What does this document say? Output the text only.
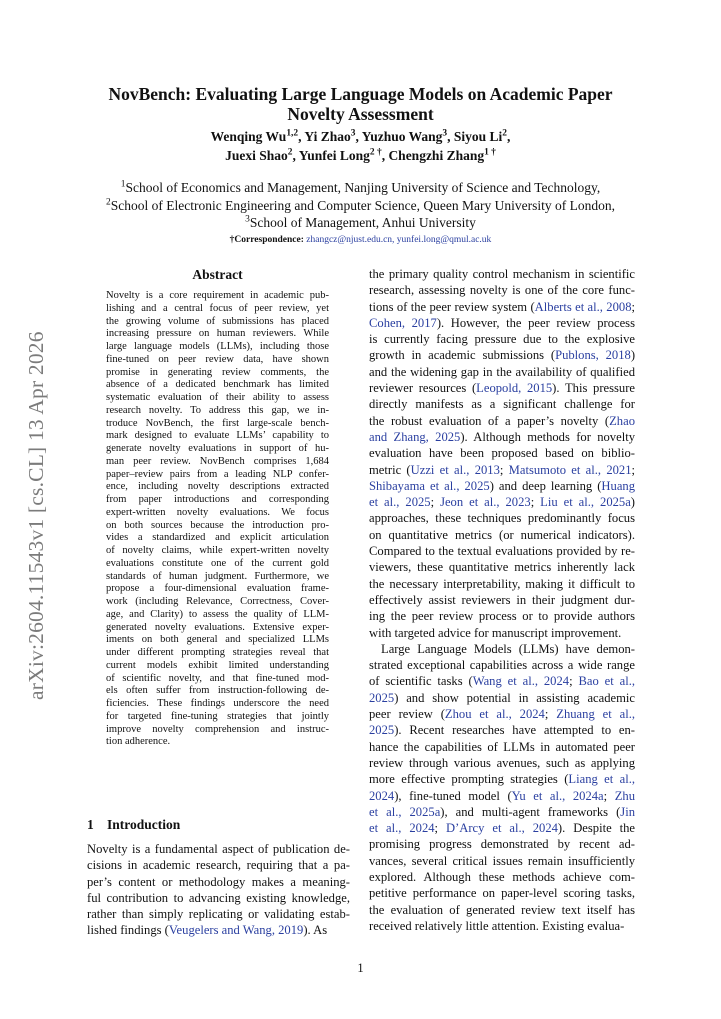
NovBench: Evaluating Large Language Models on Academic Paper
Novelty Assessment
Wenqing Wu$^{1,2}$, Yi Zhao$^3$, Yuzhuo Wang$^3$, Siyou Li$^2$,
Juexi Shao$^2$, Yunfei Long$^{2 \dagger}$, Chengzhi Zhang$^{1 \dagger}$
$^1$School of Economics and Management, Nanjing University of Science and Technology,
$^2$School of Electronic Engineering and Computer Science, Queen Mary University of London,
$^3$School of Management, Anhui University
†Correspondence: zhangcz@njust.edu.cn, yunfei.long@qmul.ac.uk
arXiv:2604.11543v1 [cs.CL] 13 Apr 2026
Abstract
Novelty is a core requirement in academic pub-
lishing and a central focus of peer review, yet
the growing volume of submissions has placed
increasing pressure on human reviewers. While
large language models (LLMs), including those
fine-tuned on peer review data, have shown
promise in generating review comments, the
absence of a dedicated benchmark has limited
systematic evaluation of their ability to assess
research novelty. To address this gap, we in-
troduce NovBench, the first large-scale bench-
mark designed to evaluate LLMs’ capability to
generate novelty evaluations in support of hu-
man peer review. NovBench comprises 1,684
paper–review pairs from a leading NLP confer-
ence, including novelty descriptions extracted
from paper introductions and corresponding
expert-written novelty evaluations. We focus
on both sources because the introduction pro-
vides a standardized and explicit articulation
of novelty claims, while expert-written novelty
evaluations constitute one of the current gold
standards of human judgment. Furthermore, we
propose a four-dimensional evaluation frame-
work (including Relevance, Correctness, Cover-
age, and Clarity) to assess the quality of LLM-
generated novelty evaluations. Extensive exper-
iments on both general and specialized LLMs
under different prompting strategies reveal that
current models exhibit limited understanding
of scientific novelty, and that fine-tuned mod-
els often suffer from instruction-following de-
ficiencies. These findings underscore the need
for targeted fine-tuning strategies that jointly
improve novelty comprehension and instruc-
tion adherence.
1 Introduction
Novelty is a fundamental aspect of publication de-
cisions in academic research, requiring that a pa-
per’s content or methodology makes a meaning-
ful contribution to advancing existing knowledge,
rather than simply replicating or validating estab-
lished findings (Veugelers and Wang, 2019). As
the primary quality control mechanism in scientific
research, assessing novelty is one of the core func-
tions of the peer review system (Alberts et al., 2008;
Cohen, 2017). However, the peer review process
is currently facing pressure due to the explosive
growth in academic submissions (Publons, 2018)
and the widening gap in the availability of qualified
reviewer resources (Leopold, 2015). This pressure
directly manifests as a significant challenge for
the robust evaluation of a paper’s novelty (Zhao
and Zhang, 2025). Although methods for novelty
evaluation have been proposed based on biblio-
metric (Uzzi et al., 2013; Matsumoto et al., 2021;
Shibayama et al., 2025) and deep learning (Huang
et al., 2025; Jeon et al., 2023; Liu et al., 2025a)
approaches, these techniques predominantly focus
on quantitative metrics (or numerical indicators).
Compared to the textual evaluations provided by re-
viewers, these quantitative metrics inherently lack
the necessary interpretability, making it difficult to
effectively assist reviewers in their judgment dur-
ing the peer review process or to provide authors
with targeted advice for manuscript improvement.
Large Language Models (LLMs) have demon-
strated exceptional capabilities across a wide range
of scientific tasks (Wang et al., 2024; Bao et al.,
2025) and show potential in assisting academic
peer review (Zhou et al., 2024; Zhuang et al.,
2025). Recent researches have attempted to en-
hance the capabilities of LLMs in automated peer
review through various avenues, such as applying
more effective prompting strategies (Liang et al.,
2024), fine-tuned model (Yu et al., 2024a; Zhu
et al., 2025a), and multi-agent frameworks (Jin
et al., 2024; D’Arcy et al., 2024). Despite the
promising progress demonstrated by recent ad-
vances, several critical issues remain insufficiently
explored. Although these methods achieve com-
petitive performance on paper-level scoring tasks,
the evaluation of generated review text itself has
received relatively little attention. Existing evalua-
1
